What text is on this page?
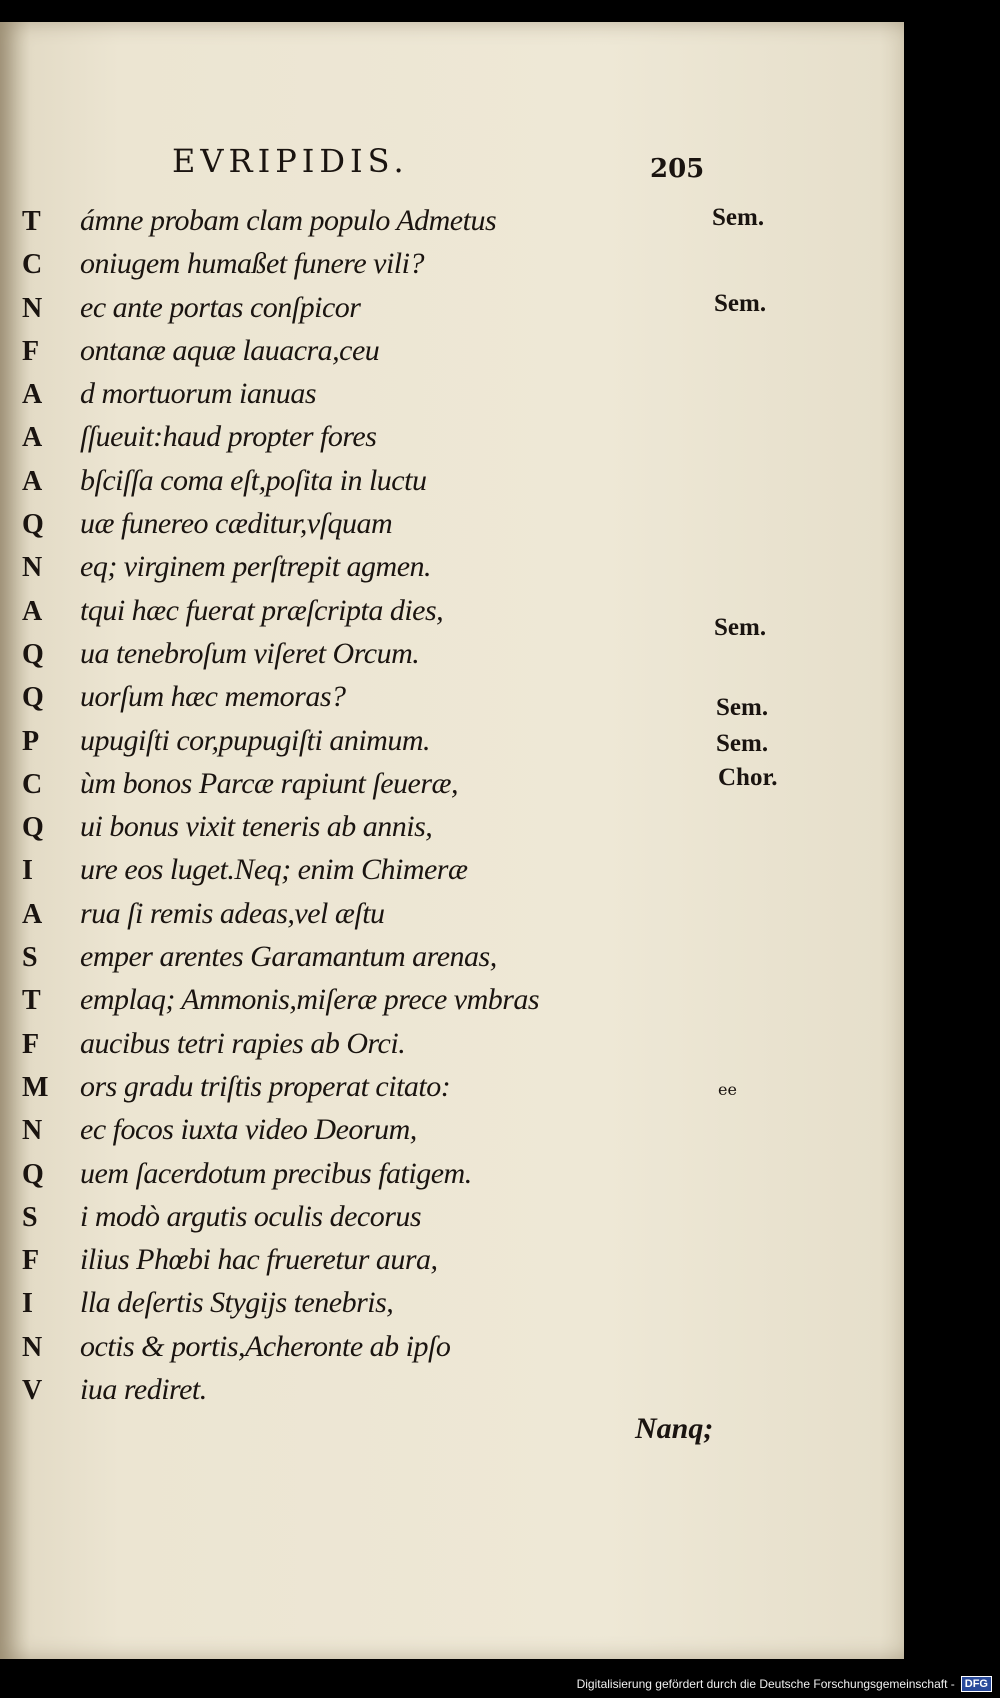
EVRIPIDIS.	205
T	ámne probam clam populo Admetus
C	oniugem humaßet funere vili?
N	ec ante portas conſpicor
F	ontanæ aquæ lauacra,ceu
A	d mortuorum ianuas
A	ſſueuit:haud propter fores
A	bſciſſa coma eſt,poſita in luctu
Q	uæ funereo cæditur,vſquam
N	eq; virginem perſtrepit agmen.
A	tqui hæc fuerat præſcripta dies,
Q	ua tenebroſum viſeret Orcum.
Q	uorſum hæc memoras?
P	upugiſti cor,pupugiſti animum.
C	ùm bonos Parcæ rapiunt ſeueræ,
Q	ui bonus vixit teneris ab annis,
I	ure eos luget.Neq; enim Chimeræ
A	rua ſi remis adeas,vel æſtu
S	emper arentes Garamantum arenas,
T	emplaq; Ammonis,miſeræ prece vmbras
F	aucibus tetri rapies ab Orci.
M	ors gradu triſtis properat citato:
N	ec focos iuxta video Deorum,
Q	uem ſacerdotum precibus fatigem.
S	i modò argutis oculis decorus
F	ilius Phœbi hac frueretur aura,
I	lla deſertis Stygijs tenebris,
N	octis & portis,Acheronte ab ipſo
V	iua rediret.
Sem.
Sem.
Sem.
Sem.
Sem.
Chor.
ee
Nanq;
Digitalisierung gefördert durch die Deutsche Forschungsgemeinschaft - DFG
